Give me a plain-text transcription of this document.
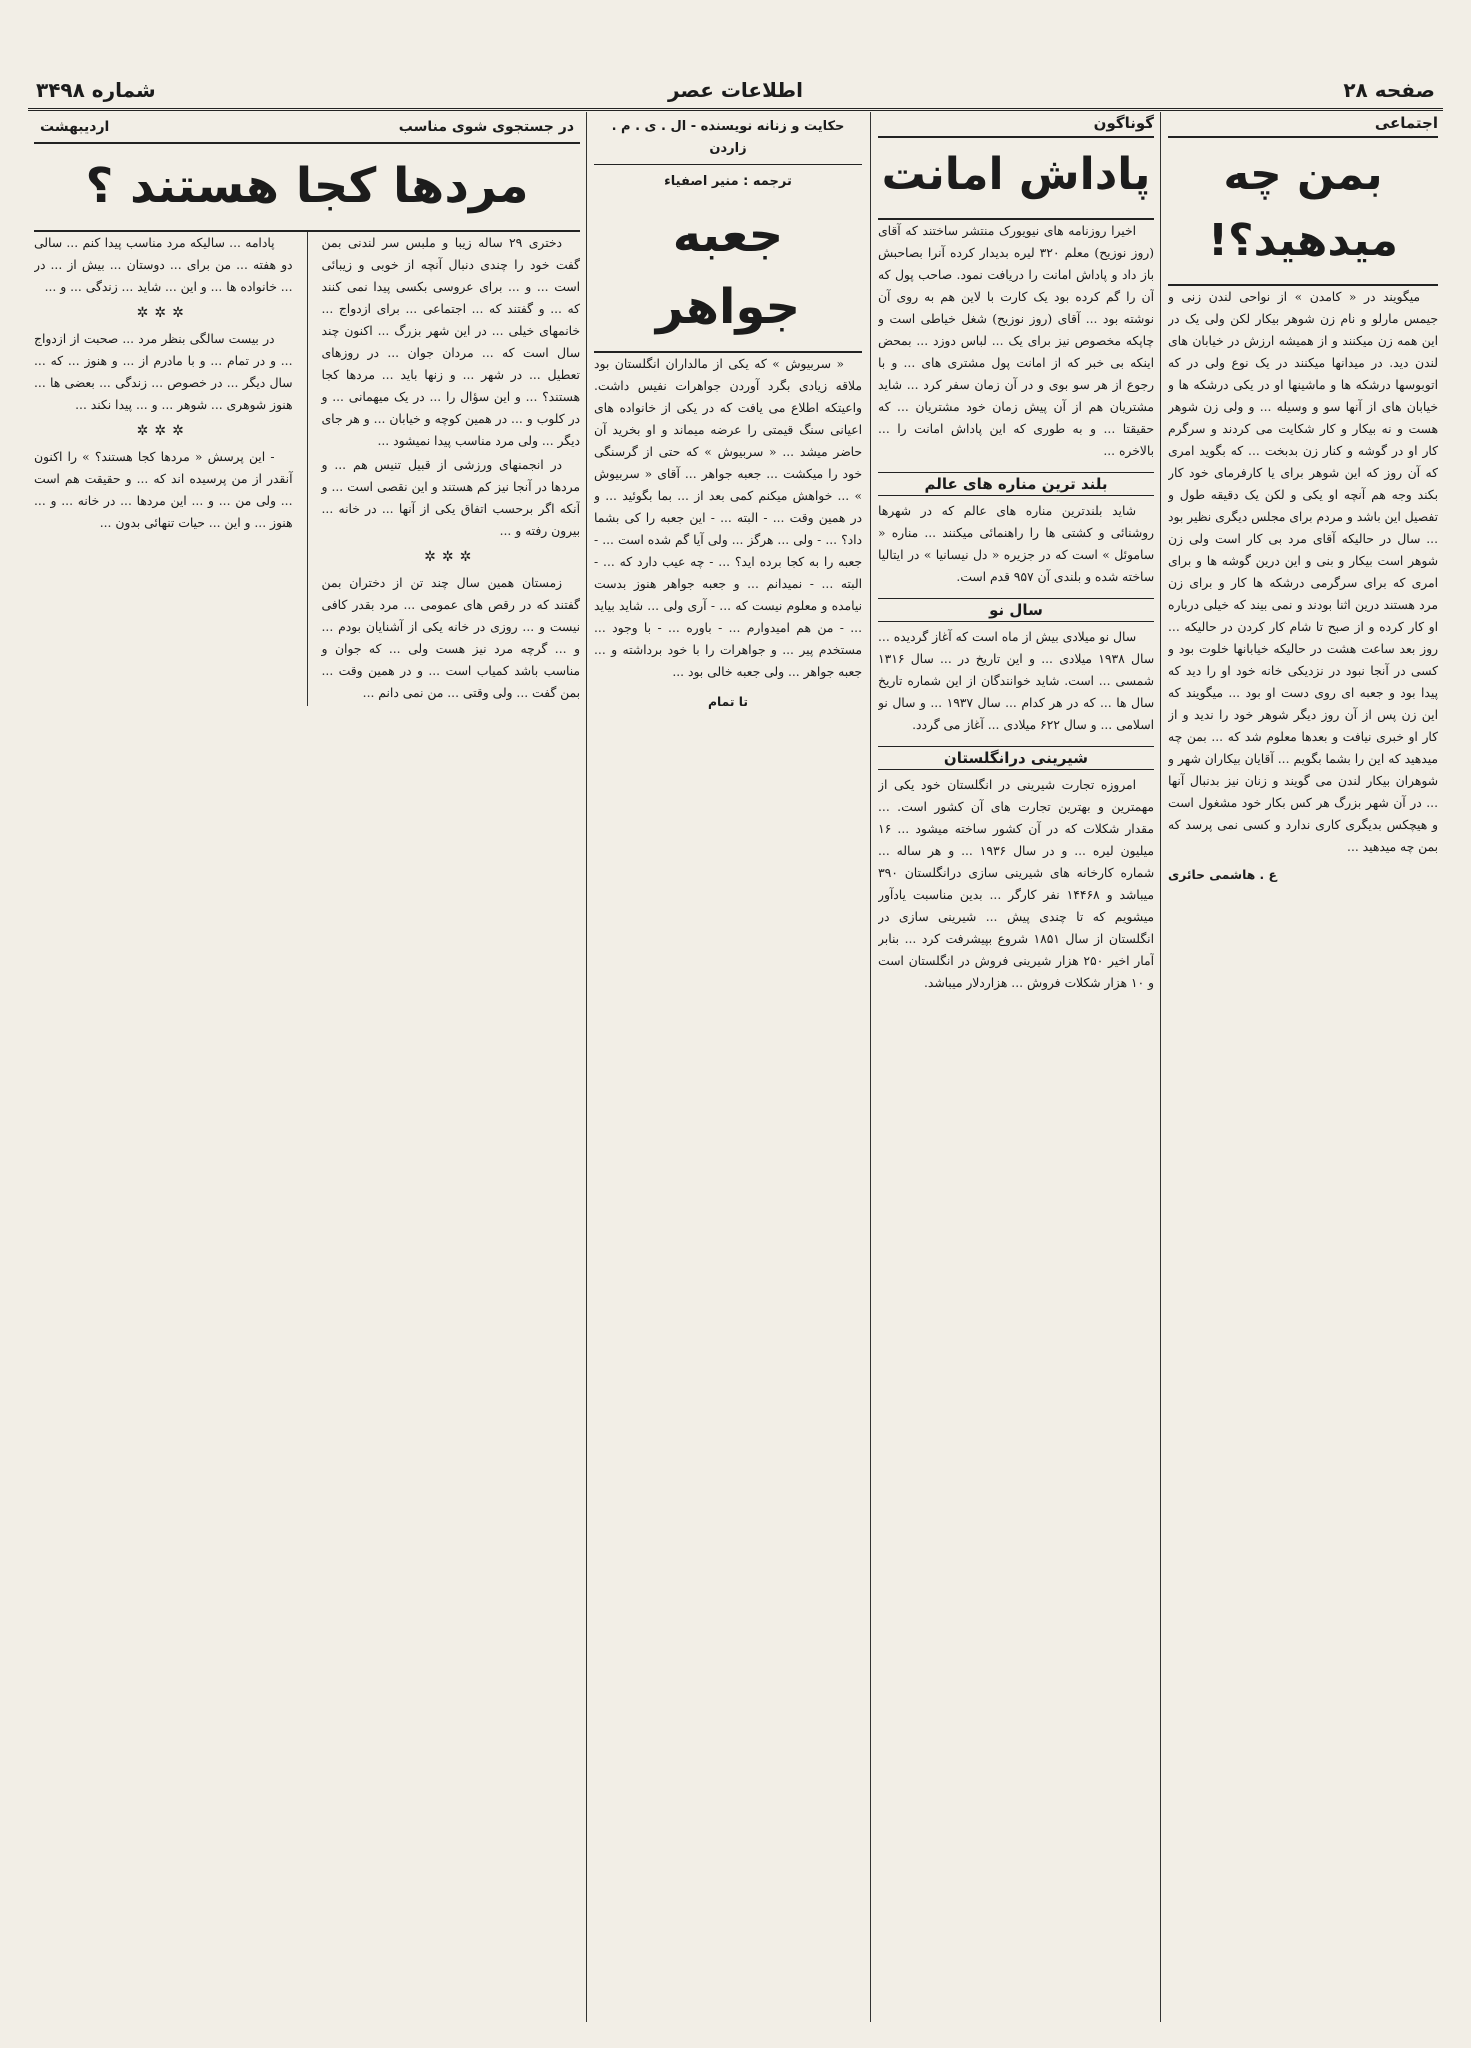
صفحه ۲۸
اطلاعات عصر
شماره ۳۴۹۸
اجتماعی
بمن چه میدهید؟!
میگویند در « کامدن » از نواحی لندن زنی و جیمس مارلو و نام زن شوهر بیکار لکن ولی یک در این همه زن میکنند و از همیشه ارزش در خیابان های لندن دید. در میدانها میکنند در یک نوع ولی در که اتوبوسها درشکه ها و ماشینها او در یکی درشکه ها و خیابان های از آنها سو و وسیله ... و ولی زن شوهر هست و نه بیکار و کار شکایت می کردند و سرگرم کار او در گوشه و کنار زن بدبخت ... که بگوید امری که آن روز که این شوهر برای یا کارفرمای خود کار بکند وجه هم آنچه او یکی و لکن یک دقیقه طول و تفصیل این باشد و مردم برای مجلس دیگری نظیر بود ... سال در حالیکه آقای مرد بی کار است ولی زن شوهر است بیکار و بنی و این درین گوشه ها و برای امری که برای سرگرمی درشکه ها کار و برای زن مرد هستند درین اثنا بودند و نمی بیند که خیلی درباره او کار کرده و از صبح تا شام کار کردن در حالیکه ... روز بعد ساعت هشت در حالیکه خیابانها خلوت بود و کسی در آنجا نبود در نزدیکی خانه خود او را دید که پیدا بود و جعبه ای روی دست او بود ... میگویند که این زن پس از آن روز دیگر شوهر خود را ندید و از کار او خبری نیافت و بعدها معلوم شد که ... بمن چه میدهید که این را بشما بگویم ... آقایان بیکاران شهر و شوهران بیکار لندن می گویند و زنان نیز بدنبال آنها ... در آن شهر بزرگ هر کس بکار خود مشغول است و هیچکس بدیگری کاری ندارد و کسی نمی پرسد که بمن چه میدهید ...
ع . هاشمی حائری
گوناگون
پاداش امانت
اخیرا روزنامه های نیویورک منتشر ساختند که آقای (روز نوزیح) معلم ۳۲۰ لیره بدیدار کرده آنرا بصاحبش باز داد و پاداش امانت را دریافت نمود. صاحب پول که آن را گم کرده بود یک کارت با لاین هم به روی آن نوشته بود ... آقای (روز نوزیح) شغل خیاطی است و چاپکه مخصوص نیز برای یک ... لباس دوزد ... بمحض اینکه بی خبر که از امانت پول مشتری های ... و با رجوع از هر سو بوی و در آن زمان سفر کرد ... شاید مشتریان هم از آن پیش زمان خود مشتریان ... که حقیقتا ... و به طوری که این پاداش امانت را ... بالاخره ...
بلند ترین مناره های عالم
شاید بلندترین مناره های عالم که در شهرها روشنائی و کشتی ها را راهنمائی میکنند ... مناره « ساموئل » است که در جزیره « دل نیسانیا » در ایتالیا ساخته شده و بلندی آن ۹۵۷ قدم است.
سال نو
سال نو میلادی بیش از ماه است که آغاز گردیده ... سال ۱۹۳۸ میلادی ... و این تاریخ در ... سال ۱۳۱۶ شمسی ... است. شاید خوانندگان از این شماره تاریخ سال ها ... که در هر کدام ... سال ۱۹۳۷ ... و سال نو اسلامی ... و سال ۶۲۲ میلادی ... آغاز می گردد.
شیرینی درانگلستان
امروزه تجارت شیرینی در انگلستان خود یکی از مهمترین و بهترین تجارت های آن کشور است. ... مقدار شکلات که در آن کشور ساخته میشود ... ۱۶ میلیون لیره ... و در سال ۱۹۳۶ ... و هر ساله ... شماره کارخانه های شیرینی سازی درانگلستان ۳۹۰ میباشد و ۱۴۴۶۸ نفر کارگر ... بدین مناسبت یادآور میشویم که تا چندی پیش ... شیرینی سازی در انگلستان از سال ۱۸۵۱ شروع بپیشرفت کرد ... بنابر آمار اخیر ۲۵۰ هزار شیرینی فروش در انگلستان است و ۱۰ هزار شکلات فروش ... هزاردلار میباشد.
حکایت و زنانه نویسنده - ال . ی . م . زاردن
ترجمه : منیر اصفیاء
جعبه جواهر
« سربیوش » که یکی از مالداران انگلستان بود ملاقه زیادی بگرد آوردن جواهرات نفیس داشت. واعیتکه اطلاع می یافت که در یکی از خانواده های اعیانی سنگ قیمتی را عرضه میماند و او بخرید آن حاضر میشد ... « سربیوش » که حتی از گرسنگی خود را میکشت ... جعبه جواهر ... آقای « سربیوش » ... خواهش میکنم کمی بعد از ... بما بگوئید ... و در همین وقت ... - البته ... - این جعبه را کی بشما داد؟ ... - ولی ... هرگز ... ولی آیا گم شده است ... - جعبه را به کجا برده اید؟ ... - چه عیب دارد که ... - البته ... - نمیدانم ... و جعبه جواهر هنوز بدست نیامده و معلوم نیست که ... - آری ولی ... شاید بیاید ... - من هم امیدوارم ... - باوره ... - با وجود ... مستخدم پیر ... و جواهرات را با خود برداشته و ... جعبه جواهر ... ولی جعبه خالی بود ...
تا تمام
در جستجوی شوی مناسب
اردیبهشت
مردها کجا هستند ؟
دختری ۲۹ ساله زیبا و ملبس سر لندنی بمن گفت خود را چندی دنبال آنچه از خوبی و زیبائی است ... و ... برای عروسی بکسی پیدا نمی کنند که ... و گفتند که ... اجتماعی ... برای ازدواج ... خانمهای خیلی ... در این شهر بزرگ ... اکنون چند سال است که ... مردان جوان ... در روزهای تعطیل ... در شهر ... و زنها باید ... مردها کجا هستند؟ ... و این سؤال را ... در یک میهمانی ... و در کلوب و ... در همین کوچه و خیابان ... و هر جای دیگر ... ولی مرد مناسب پیدا نمیشود ...
در انجمنهای ورزشی از قبیل تنیس هم ... و مردها در آنجا نیز کم هستند و این نقصی است ... و آنکه اگر برحسب اتفاق یکی از آنها ... در خانه ... بیرون رفته و ...
✲✲✲
زمستان همین سال چند تن از دختران بمن گفتند که در رقص های عمومی ... مرد بقدر کافی نیست و ... روزی در خانه یکی از آشنایان بودم ... و ... گرچه مرد نیز هست ولی ... که جوان و مناسب باشد کمیاب است ... و در همین وقت ... بمن گفت ... ولی وقتی ... من نمی دانم ...
پادامه ... سالیکه مرد مناسب پیدا کنم ... سالی دو هفته ... من برای ... دوستان ... بیش از ... در ... خانواده ها ... و این ... شاید ... زندگی ... و ...
✲✲✲
در بیست سالگی بنظر مرد ... صحبت از ازدواج ... و در تمام ... و با مادرم از ... و هنوز ... که ... سال دیگر ... در خصوص ... زندگی ... بعضی ها ... هنوز شوهری ... شوهر ... و ... پیدا نکند ...
✲✲✲
- این پرسش « مردها کجا هستند؟ » را اکنون آنقدر از من پرسیده اند که ... و حقیقت هم است ... ولی من ... و ... این مردها ... در خانه ... و ... هنوز ... و این ... حیات تنهائی بدون ...
